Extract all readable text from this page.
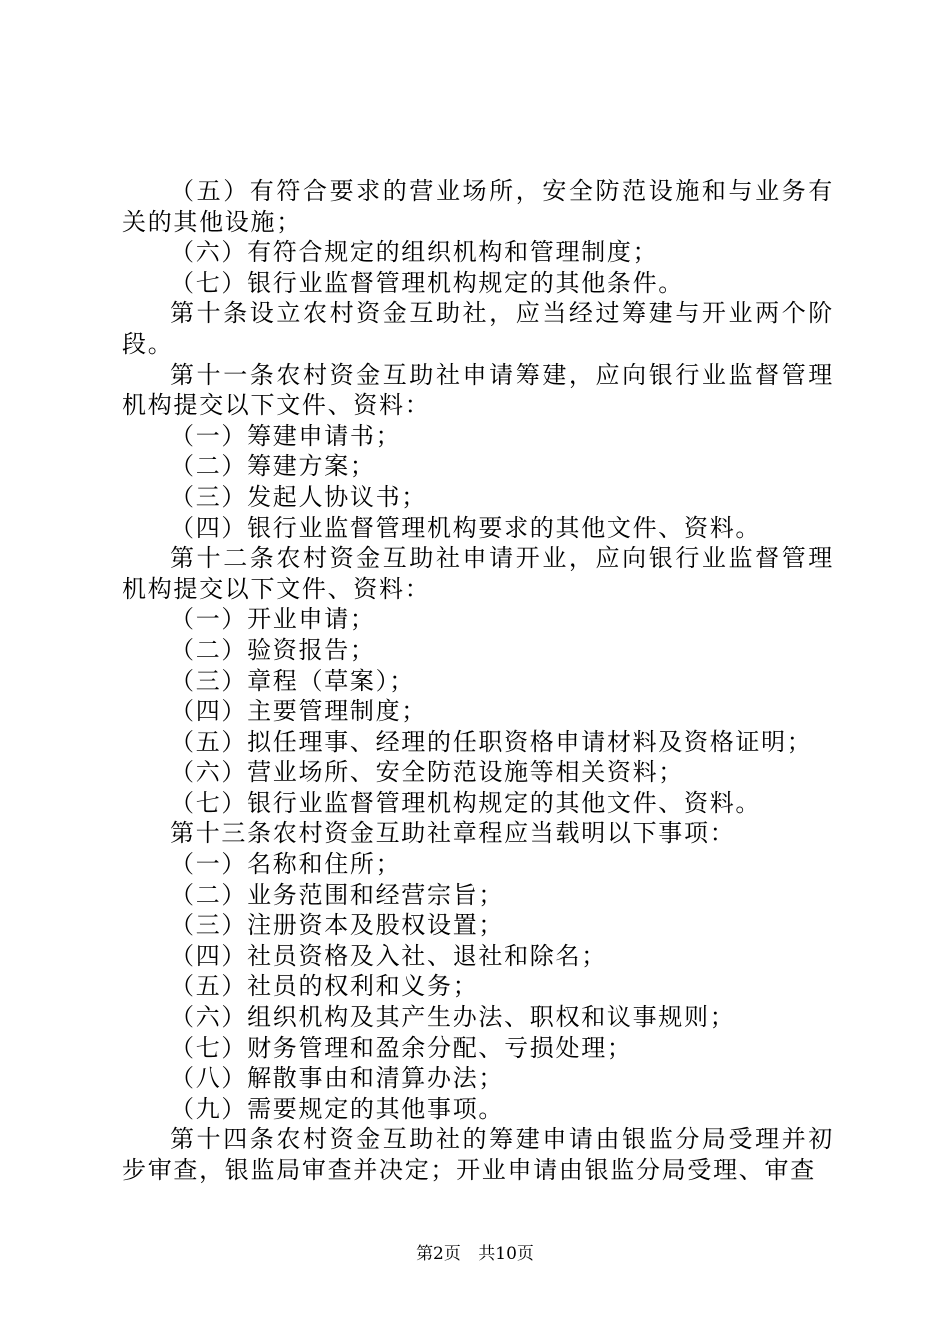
（五）有符合要求的营业场所，安全防范设施和与业务有关的其他设施；

（六）有符合规定的组织机构和管理制度；

（七）银行业监督管理机构规定的其他条件。

第十条设立农村资金互助社，应当经过筹建与开业两个阶段。

第十一条农村资金互助社申请筹建，应向银行业监督管理机构提交以下文件、资料：

（一）筹建申请书；

（二）筹建方案；

（三）发起人协议书；

（四）银行业监督管理机构要求的其他文件、资料。

第十二条农村资金互助社申请开业，应向银行业监督管理机构提交以下文件、资料：

（一）开业申请；

（二）验资报告；

（三）章程（草案）；

（四）主要管理制度；

（五）拟任理事、经理的任职资格申请材料及资格证明；

（六）营业场所、安全防范设施等相关资料；

（七）银行业监督管理机构规定的其他文件、资料。

第十三条农村资金互助社章程应当载明以下事项：

（一）名称和住所；

（二）业务范围和经营宗旨；

（三）注册资本及股权设置；

（四）社员资格及入社、退社和除名；

（五）社员的权利和义务；

（六）组织机构及其产生办法、职权和议事规则；

（七）财务管理和盈余分配、亏损处理；

（八）解散事由和清算办法；

（九）需要规定的其他事项。

第十四条农村资金互助社的筹建申请由银监分局受理并初步审查，银监局审查并决定；开业申请由银监分局受理、审查

第2页 共10页
